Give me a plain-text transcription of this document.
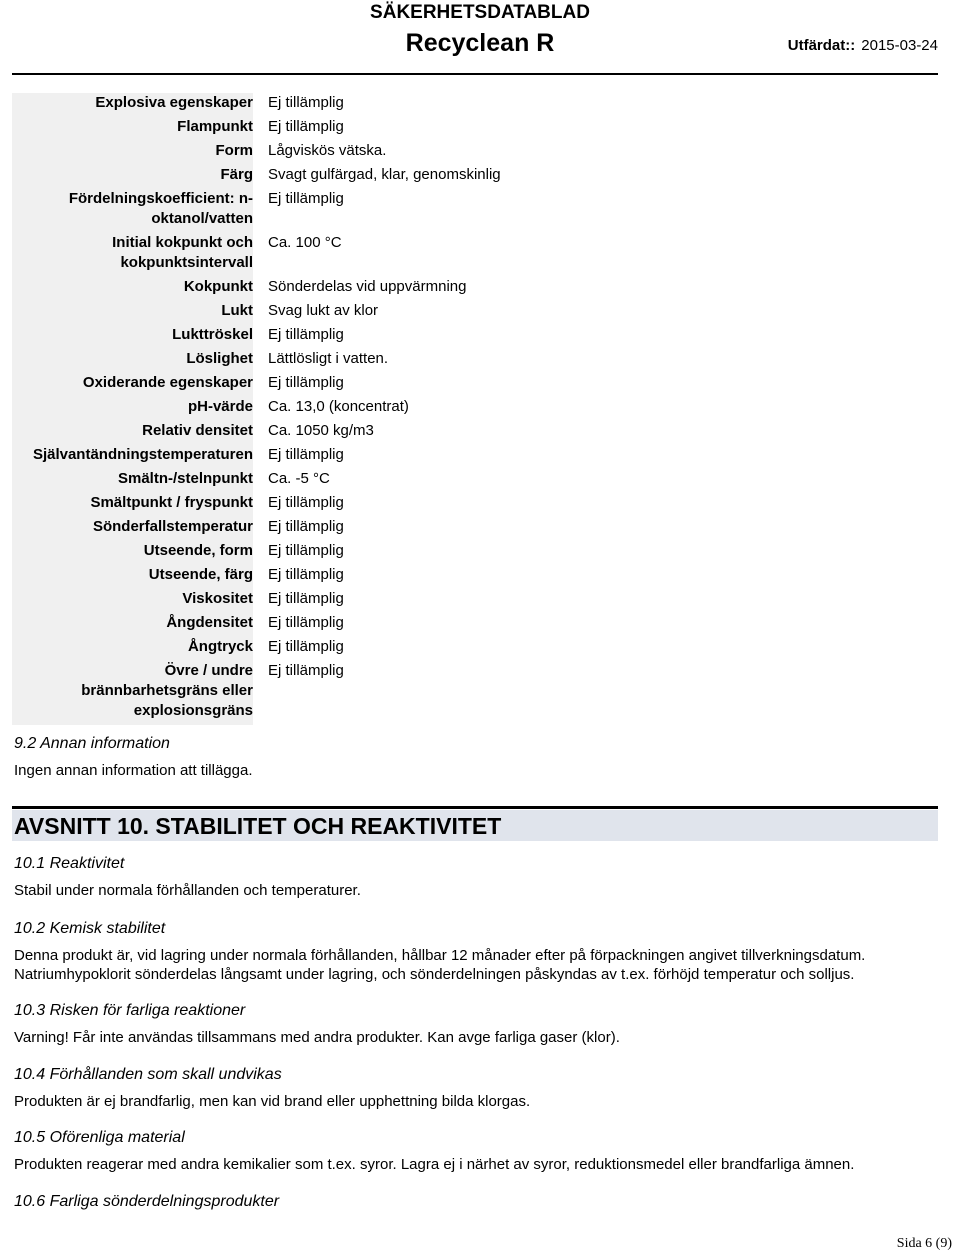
SÄKERHETSDATABLAD
Recyclean R	Utfärdat:: 2015-03-24
Explosiva egenskaper		Ej tillämplig
Flampunkt		Ej tillämplig
Form		Lågviskös vätska.
Färg		Svagt gulfärgad, klar, genomskinlig
Fördelningskoefficient: n-
oktanol/vatten		Ej tillämplig
Initial kokpunkt och
kokpunktsintervall		Ca. 100 °C
Kokpunkt		Sönderdelas vid uppvärmning
Lukt		Svag lukt av klor
Lukttröskel		Ej tillämplig
Löslighet		Lättlösligt i vatten.
Oxiderande egenskaper		Ej tillämplig
pH-värde		Ca. 13,0 (koncentrat)
Relativ densitet		Ca. 1050 kg/m3
Självantändningstemperaturen		Ej tillämplig
Smältn-/stelnpunkt		Ca. -5 °C
Smältpunkt / fryspunkt		Ej tillämplig
Sönderfallstemperatur		Ej tillämplig
Utseende, form		Ej tillämplig
Utseende, färg		Ej tillämplig
Viskositet		Ej tillämplig
Ångdensitet		Ej tillämplig
Ångtryck		Ej tillämplig
Övre / undre
brännbarhetsgräns eller
explosionsgräns		Ej tillämplig
9.2 Annan information
Ingen annan information att tillägga.
AVSNITT 10. STABILITET OCH REAKTIVITET

10.1 Reaktivitet

Stabil under normala förhållanden och temperaturer.

10.2 Kemisk stabilitet

Denna produkt är, vid lagring under normala förhållanden, hållbar 12 månader efter på förpackningen angivet tillverkningsdatum.

Natriumhypoklorit sönderdelas långsamt under lagring, och sönderdelningen påskyndas av t.ex. förhöjd temperatur och solljus.

10.3 Risken för farliga reaktioner

Varning! Får inte användas tillsammans med andra produkter. Kan avge farliga gaser (klor).

10.4 Förhållanden som skall undvikas

Produkten är ej brandfarlig, men kan vid brand eller upphettning bilda klorgas.

10.5 Oförenliga material

Produkten reagerar med andra kemikalier som t.ex. syror. Lagra ej i närhet av syror, reduktionsmedel eller brandfarliga ämnen.

10.6 Farliga sönderdelningsprodukter

Sida 6 (9)
